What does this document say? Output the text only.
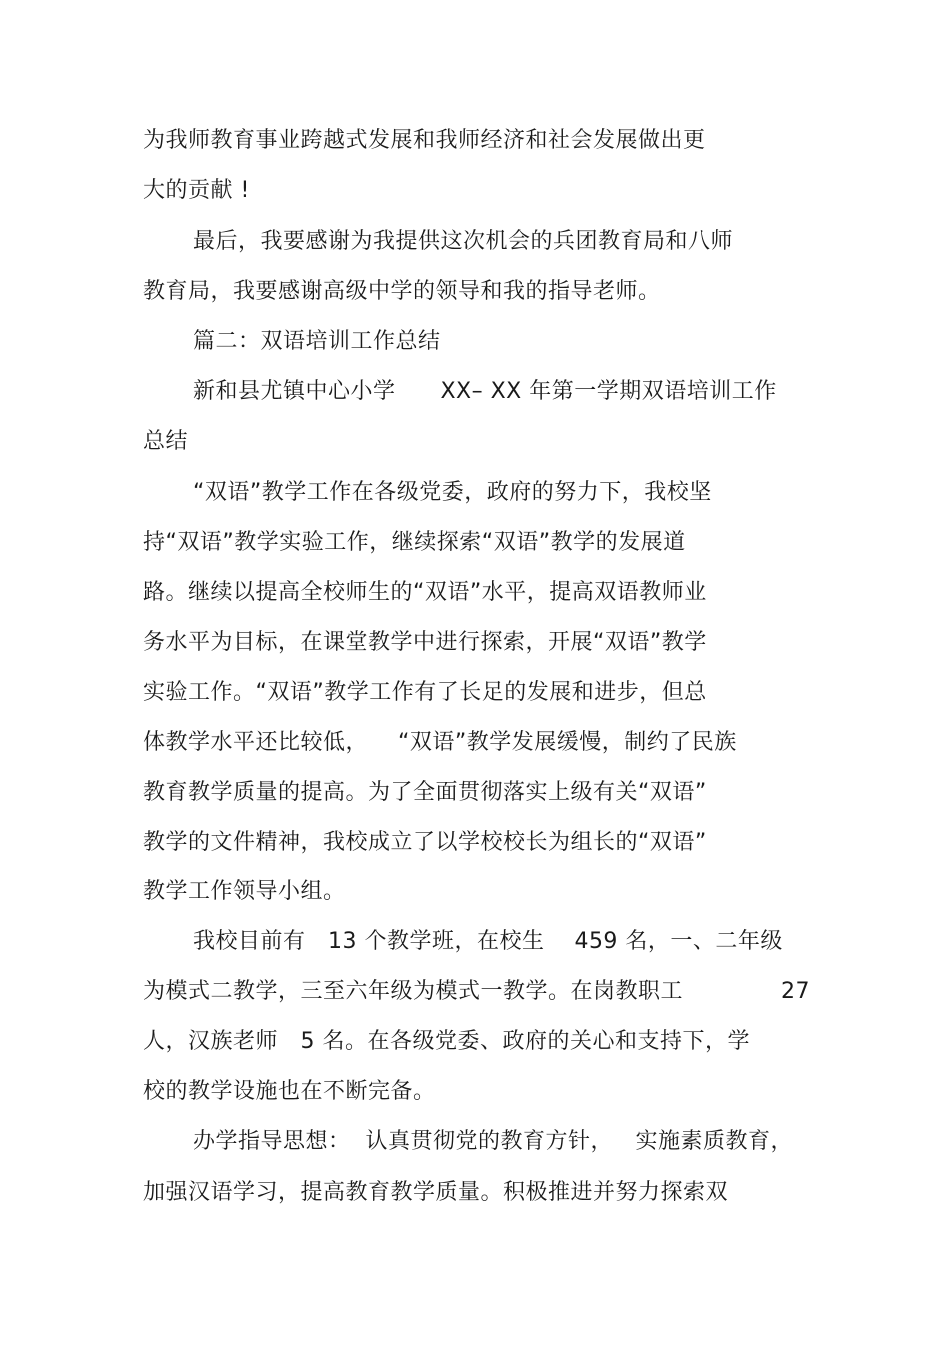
为我师教育事业跨越式发展和我师经济和社会发展做出更
大的贡献 !
最后，我要感谢为我提供这次机会的兵团教育局和八师
教育局，我要感谢高级中学的领导和我的指导老师。
篇二：双语培训工作总结
新和县尤镇中心小学      XX– XX 年第一学期双语培训工作
总结
“双语”教学工作在各级党委，政府的努力下，我校坚
持“双语”教学实验工作，继续探索“双语”教学的发展道
路。继续以提高全校师生的“双语”水平，提高双语教师业
务水平为目标，在课堂教学中进行探索，开展“双语”教学
实验工作。“双语”教学工作有了长足的发展和进步，但总
体教学水平还比较低，    “双语”教学发展缓慢，制约了民族
教育教学质量的提高。为了全面贯彻落实上级有关“双语”
教学的文件精神，我校成立了以学校校长为组长的“双语”
教学工作领导小组。
我校目前有   13 个教学班，在校生    459 名，一、二年级
为模式二教学，三至六年级为模式一教学。在岗教职工	27
人，汉族老师   5 名。在各级党委、政府的关心和支持下，学
校的教学设施也在不断完备。
办学指导思想：  认真贯彻党的教育方针，   实施素质教育，
加强汉语学习，提高教育教学质量。积极推进并努力探索双
